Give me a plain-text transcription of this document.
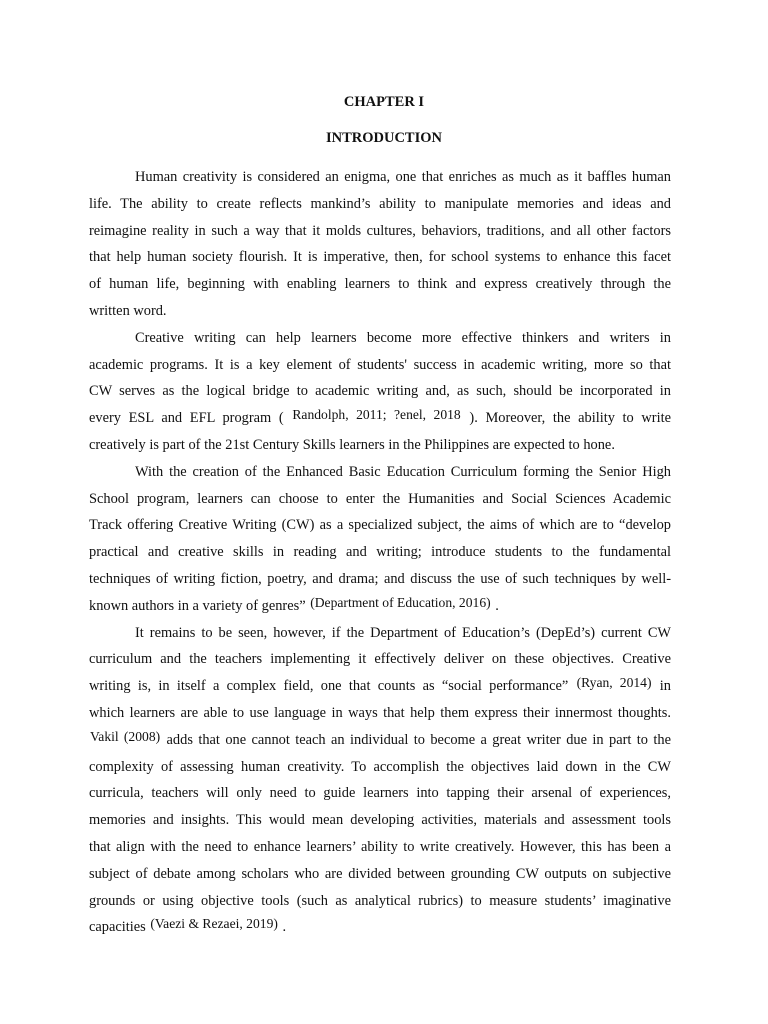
CHAPTER I
INTRODUCTION
Human creativity is considered an enigma, one that enriches as much as it baffles human
life. The ability to create reflects mankind’s ability to manipulate memories and ideas and
reimagine reality in such a way that it molds cultures, behaviors, traditions, and all other factors
that help human society flourish. It is imperative, then, for school systems to enhance this facet
of human life, beginning with enabling learners to think and express creatively through the
written word.
Creative writing can help learners become more effective thinkers and writers in
academic programs. It is a key element of students' success in academic writing, more so that
CW serves as the logical bridge to academic writing and, as such, should be incorporated in
every ESL and EFL program ( Randolph, 2011; ?enel, 2018 ). Moreover, the ability to write
creatively is part of the 21st Century Skills learners in the Philippines are expected to hone.
With the creation of the Enhanced Basic Education Curriculum forming the Senior High
School program, learners can choose to enter the Humanities and Social Sciences Academic
Track offering Creative Writing (CW) as a specialized subject, the aims of which are to “develop
practical and creative skills in reading and writing; introduce students to the fundamental
techniques of writing fiction, poetry, and drama; and discuss the use of such techniques by well-
known authors in a variety of genres” (Department of Education, 2016) .
It remains to be seen, however, if the Department of Education’s (DepEd’s) current CW
curriculum and the teachers implementing it effectively deliver on these objectives. Creative
writing is, in itself a complex field, one that counts as “social performance” (Ryan, 2014) in
which learners are able to use language in ways that help them express their innermost thoughts.
Vakil (2008) adds that one cannot teach an individual to become a great writer due in part to the
complexity of assessing human creativity. To accomplish the objectives laid down in the CW
curricula, teachers will only need to guide learners into tapping their arsenal of experiences,
memories and insights. This would mean developing activities, materials and assessment tools
that align with the need to enhance learners’ ability to write creatively. However, this has been a
subject of debate among scholars who are divided between grounding CW outputs on subjective
grounds or using objective tools (such as analytical rubrics) to measure students’ imaginative
capacities (Vaezi & Rezaei, 2019) .
